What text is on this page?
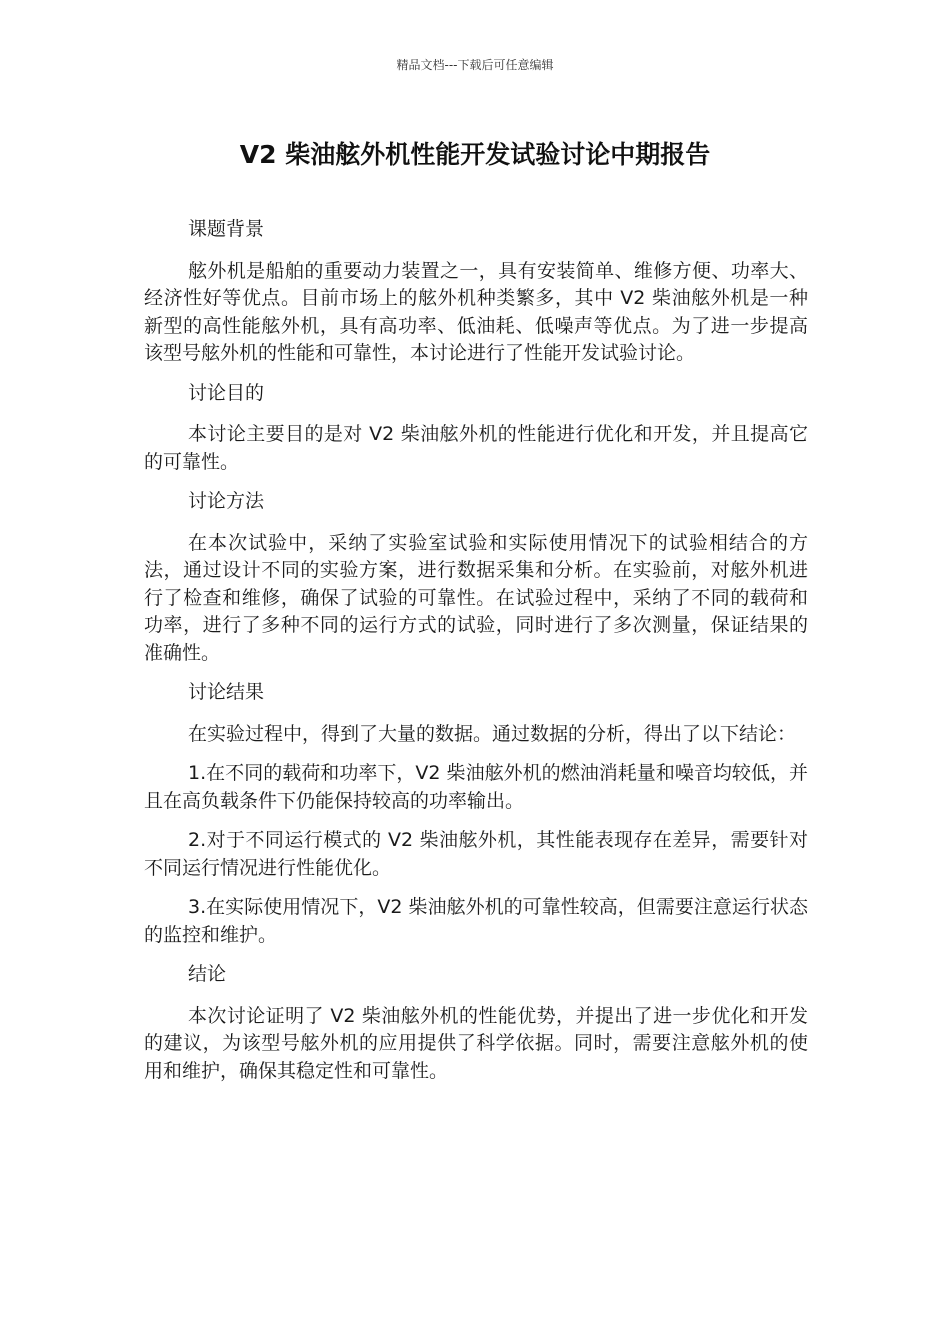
精品文档---下载后可任意编辑
V2 柴油舷外机性能开发试验讨论中期报告

课题背景

舷外机是船舶的重要动力装置之一，具有安装简单、维修方便、功率大、经济性好等优点。目前市场上的舷外机种类繁多，其中 V2 柴油舷外机是一种新型的高性能舷外机，具有高功率、低油耗、低噪声等优点。为了进一步提高该型号舷外机的性能和可靠性，本讨论进行了性能开发试验讨论。

讨论目的

本讨论主要目的是对 V2 柴油舷外机的性能进行优化和开发，并且提高它的可靠性。

讨论方法

在本次试验中，采纳了实验室试验和实际使用情况下的试验相结合的方法，通过设计不同的实验方案，进行数据采集和分析。在实验前，对舷外机进行了检查和维修，确保了试验的可靠性。在试验过程中，采纳了不同的载荷和功率，进行了多种不同的运行方式的试验，同时进行了多次测量，保证结果的准确性。

讨论结果

在实验过程中，得到了大量的数据。通过数据的分析，得出了以下结论：

1.在不同的载荷和功率下，V2 柴油舷外机的燃油消耗量和噪音均较低，并且在高负载条件下仍能保持较高的功率输出。

2.对于不同运行模式的 V2 柴油舷外机，其性能表现存在差异，需要针对不同运行情况进行性能优化。

3.在实际使用情况下，V2 柴油舷外机的可靠性较高，但需要注意运行状态的监控和维护。

结论

本次讨论证明了 V2 柴油舷外机的性能优势，并提出了进一步优化和开发的建议，为该型号舷外机的应用提供了科学依据。同时，需要注意舷外机的使用和维护，确保其稳定性和可靠性。
